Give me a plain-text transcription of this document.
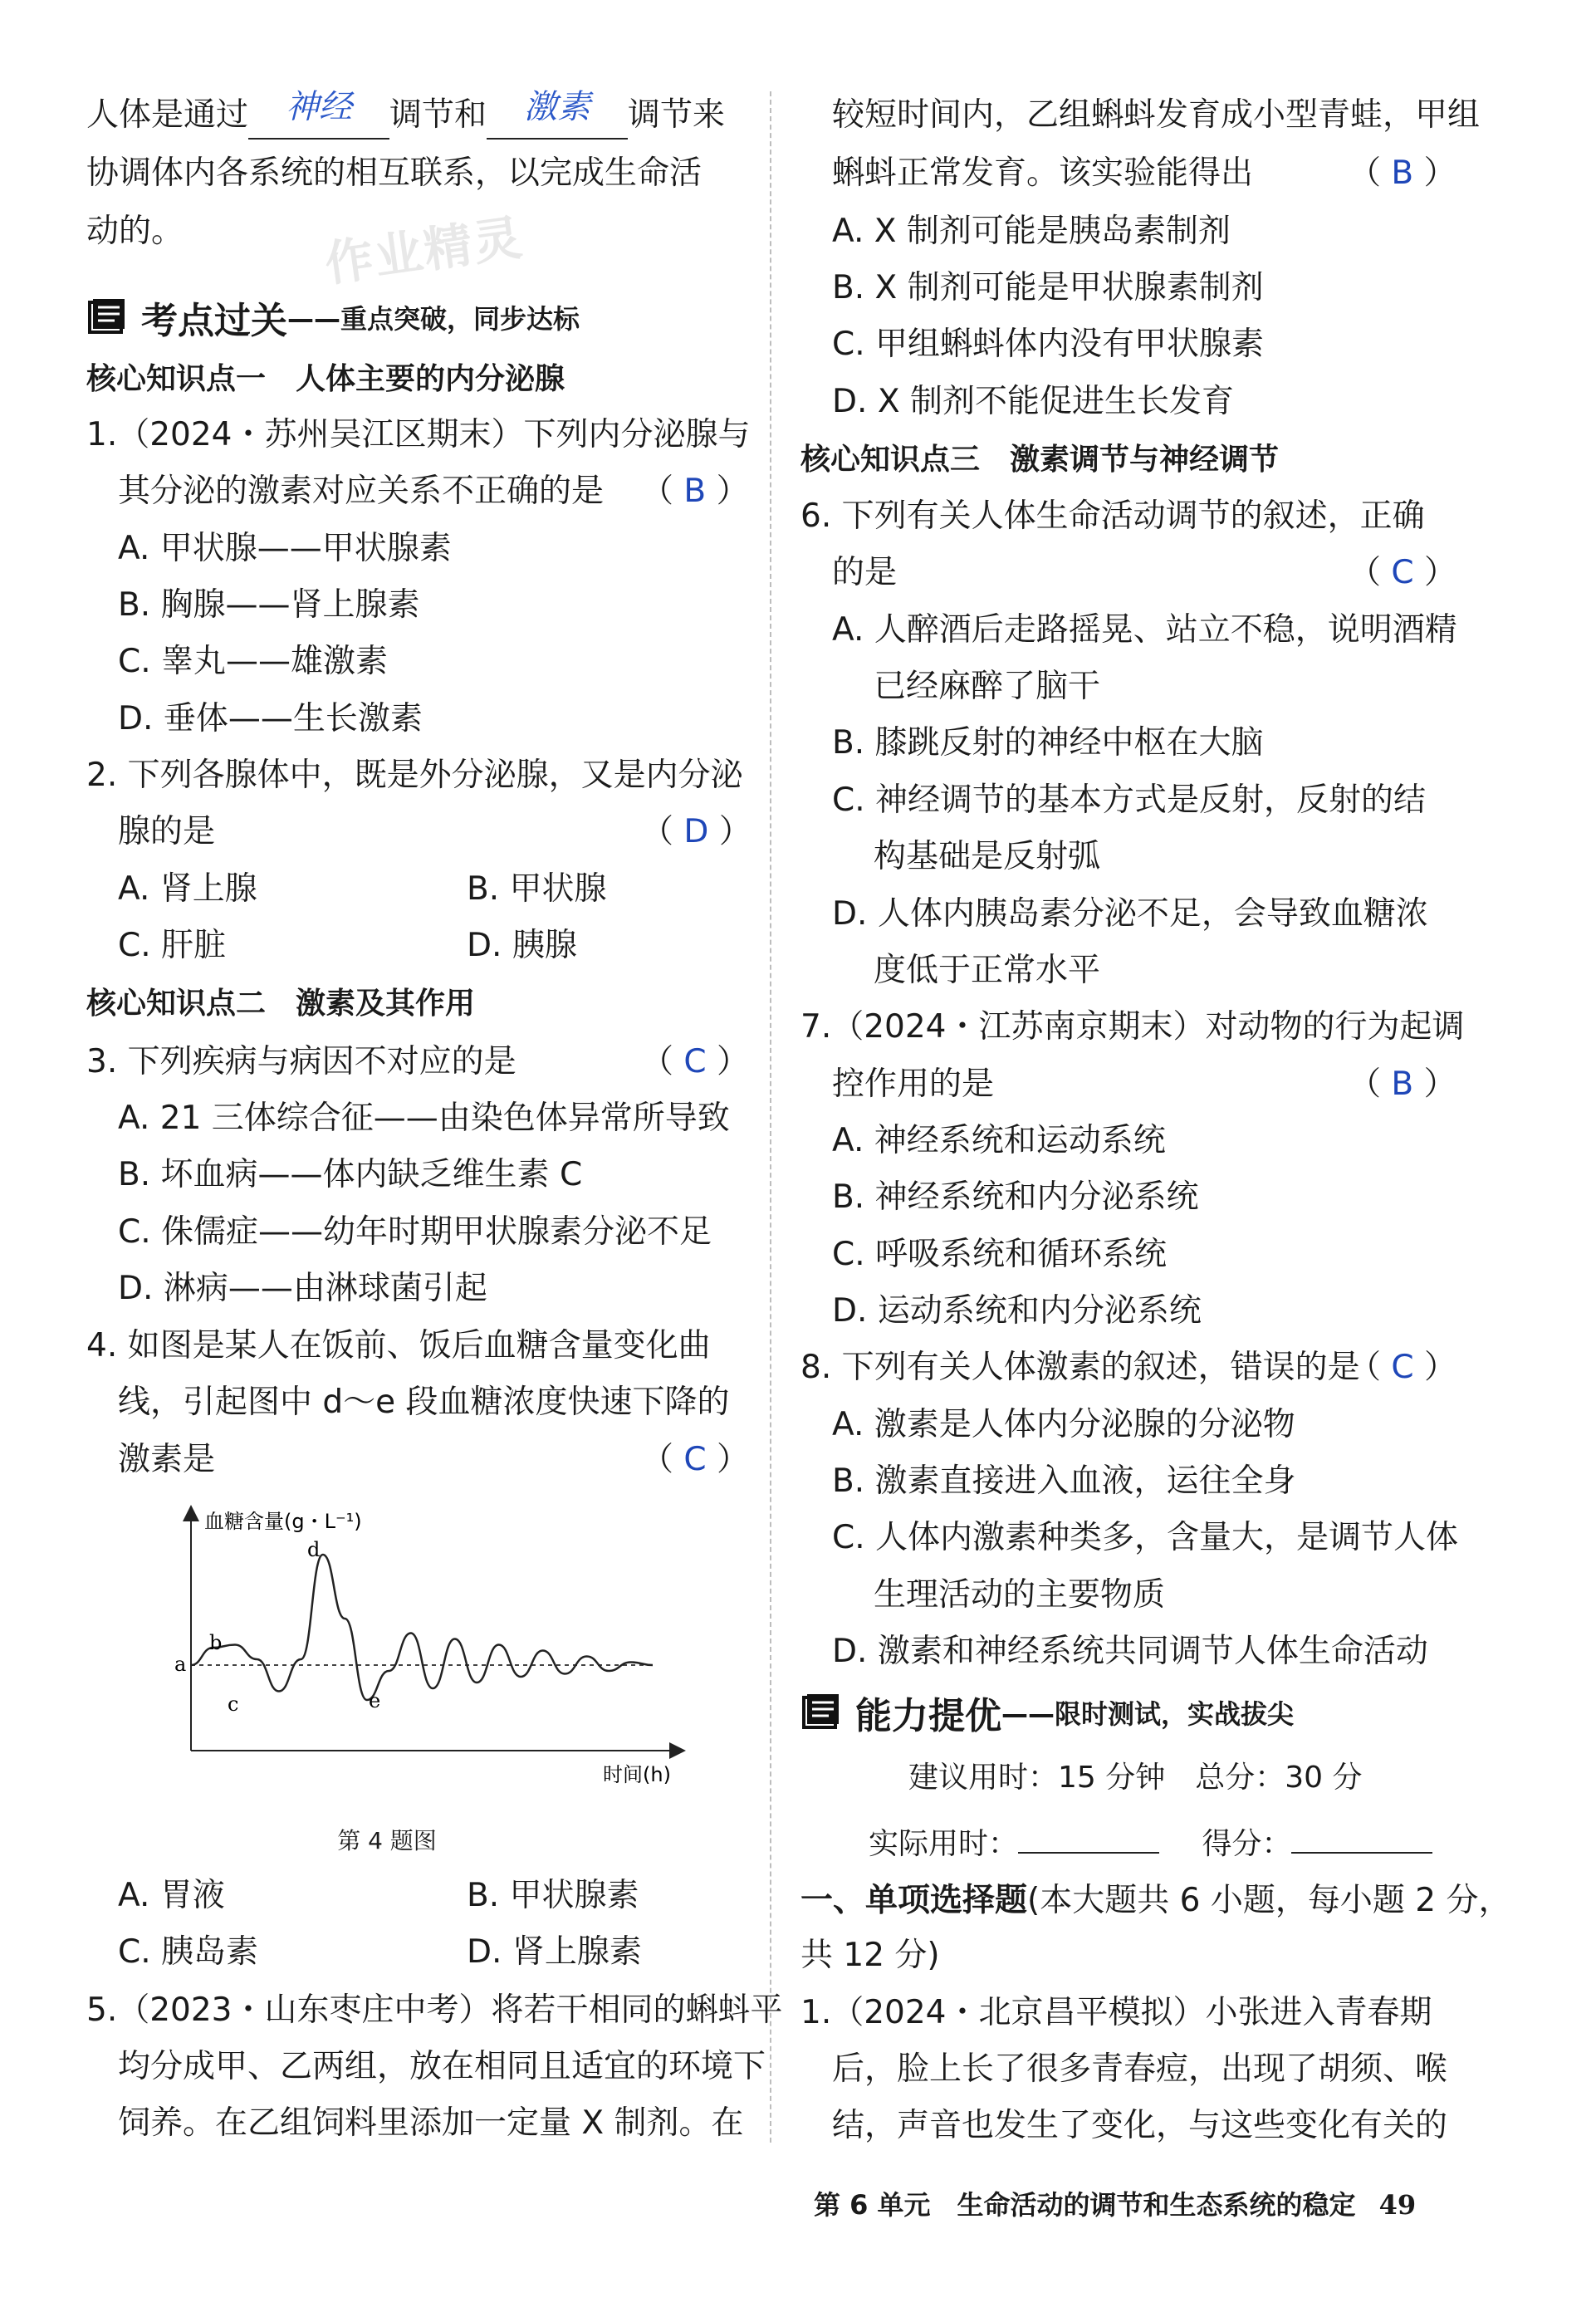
作业精灵
人体是通过	神经	调节和	激素	调节来
协调体内各系统的相互联系，以完成生命活
动的。
考点过关 ——重点突破，同步达标
核心知识点一　人体主要的内分泌腺
1.（2024・苏州吴江区期末）下列内分泌腺与
其分泌的激素对应关系不正确的是 （ B ）
A. 甲状腺——甲状腺素
B. 胸腺——肾上腺素
C. 睾丸——雄激素
D. 垂体——生长激素
2. 下列各腺体中，既是外分泌腺，又是内分泌
腺的是	（ D ）
A. 肾上腺	B. 甲状腺
C. 肝脏	D. 胰腺
核心知识点二　激素及其作用
3. 下列疾病与病因不对应的是	（ C ）
A. 21 三体综合征——由染色体异常所导致
B. 坏血病——体内缺乏维生素 C
C. 侏儒症——幼年时期甲状腺素分泌不足
D. 淋病——由淋球菌引起
4. 如图是某人在饭前、饭后血糖含量变化曲
线，引起图中 d～e 段血糖浓度快速下降的
激素是	（ C ）
血糖含量(g・L⁻¹)
时间(h)
a
b
c
d
e
第 4 题图
A. 胃液	B. 甲状腺素
C. 胰岛素	D. 肾上腺素
5.（2023・山东枣庄中考）将若干相同的蝌蚪平
均分成甲、乙两组，放在相同且适宜的环境下
饲养。在乙组饲料里添加一定量 X 制剂。在
较短时间内，乙组蝌蚪发育成小型青蛙，甲组
蝌蚪正常发育。该实验能得出	（ B ）
A. X 制剂可能是胰岛素制剂
B. X 制剂可能是甲状腺素制剂
C. 甲组蝌蚪体内没有甲状腺素
D. X 制剂不能促进生长发育
核心知识点三　激素调节与神经调节
6. 下列有关人体生命活动调节的叙述，正确
的是	（ C ）
A. 人醉酒后走路摇晃、站立不稳，说明酒精
已经麻醉了脑干
B. 膝跳反射的神经中枢在大脑
C. 神经调节的基本方式是反射，反射的结
构基础是反射弧
D. 人体内胰岛素分泌不足，会导致血糖浓
度低于正常水平
7.（2024・江苏南京期末）对动物的行为起调
控作用的是	（ B ）
A. 神经系统和运动系统
B. 神经系统和内分泌系统
C. 呼吸系统和循环系统
D. 运动系统和内分泌系统
8. 下列有关人体激素的叙述，错误的是
（ C ）
A. 激素是人体内分泌腺的分泌物
B. 激素直接进入血液，运往全身
C. 人体内激素种类多，含量大，是调节人体
生理活动的主要物质
D. 激素和神经系统共同调节人体生命活动
能力提优 ——限时测试，实战拔尖
建议用时：15 分钟　总分：30 分
实际用时：	得分：
一、单项选择题(本大题共 6 小题，每小题 2 分，
共 12 分)
1.（2024・北京昌平模拟）小张进入青春期
后，脸上长了很多青春痘，出现了胡须、喉
结，声音也发生了变化，与这些变化有关的
第 6 单元　生命活动的调节和生态系统的稳定 49
